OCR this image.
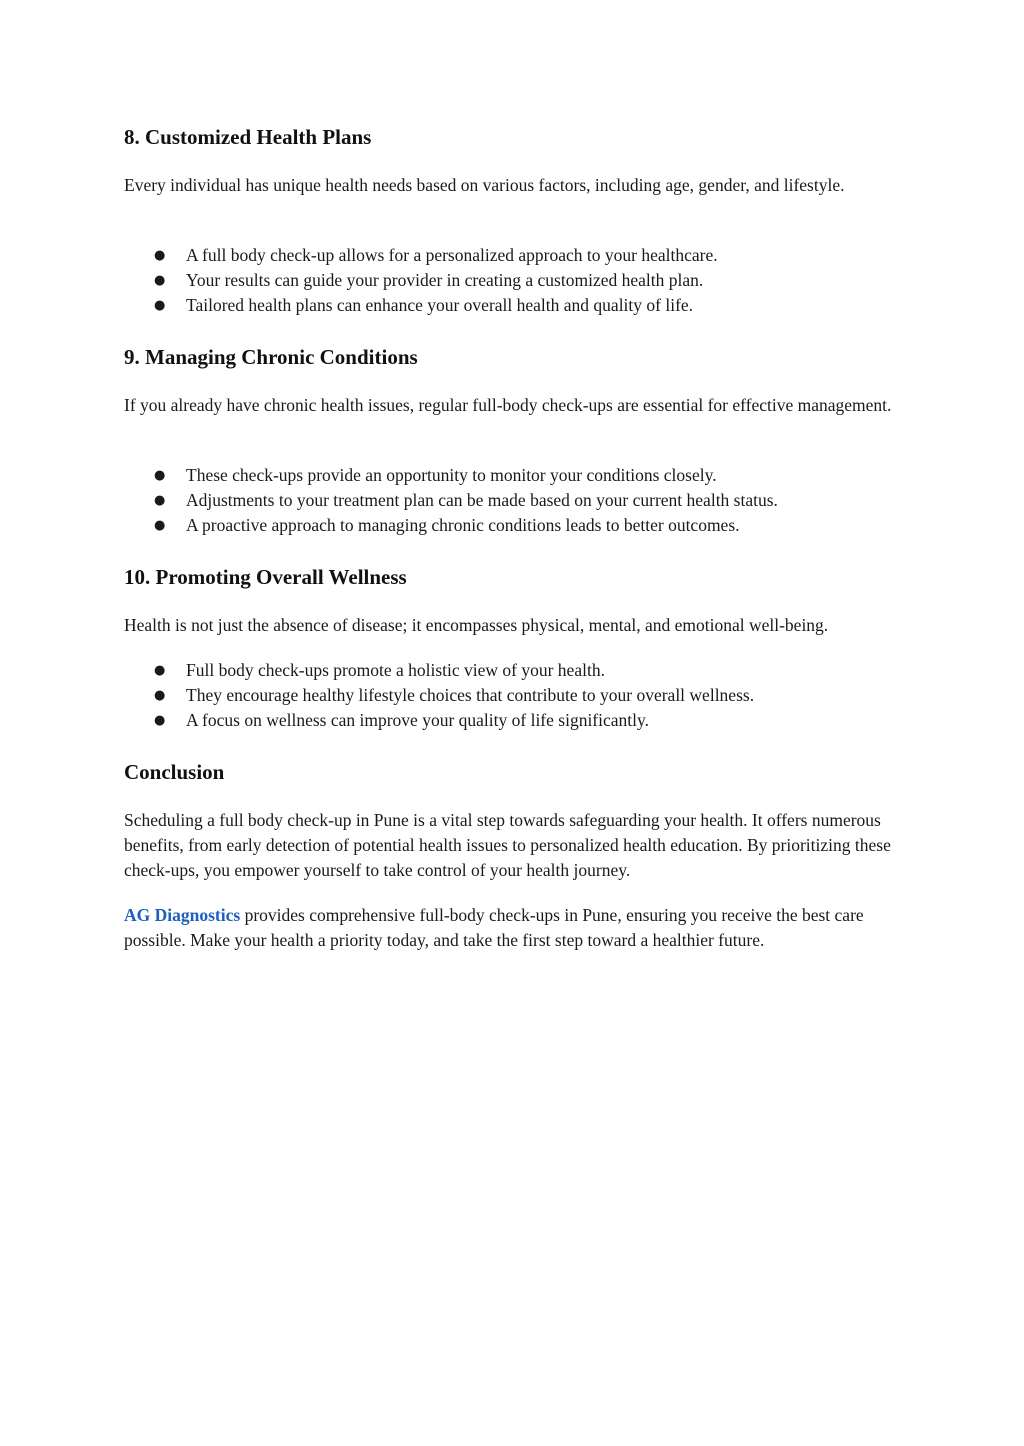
8. Customized Health Plans

Every individual has unique health needs based on various factors, including age, gender, and lifestyle.

● A full body check-up allows for a personalized approach to your healthcare.
● Your results can guide your provider in creating a customized health plan.
● Tailored health plans can enhance your overall health and quality of life.
9. Managing Chronic Conditions

If you already have chronic health issues, regular full-body check-ups are essential for effective management.

● These check-ups provide an opportunity to monitor your conditions closely.
● Adjustments to your treatment plan can be made based on your current health status.
● A proactive approach to managing chronic conditions leads to better outcomes.
10. Promoting Overall Wellness

Health is not just the absence of disease; it encompasses physical, mental, and emotional well-being.

● Full body check-ups promote a holistic view of your health.
● They encourage healthy lifestyle choices that contribute to your overall wellness.
● A focus on wellness can improve your quality of life significantly.
Conclusion

Scheduling a full body check-up in Pune is a vital step towards safeguarding your health. It offers numerous benefits, from early detection of potential health issues to personalized health education. By prioritizing these check-ups, you empower yourself to take control of your health journey.

AG Diagnostics provides comprehensive full-body check-ups in Pune, ensuring you receive the best care possible. Make your health a priority today, and take the first step toward a healthier future.
